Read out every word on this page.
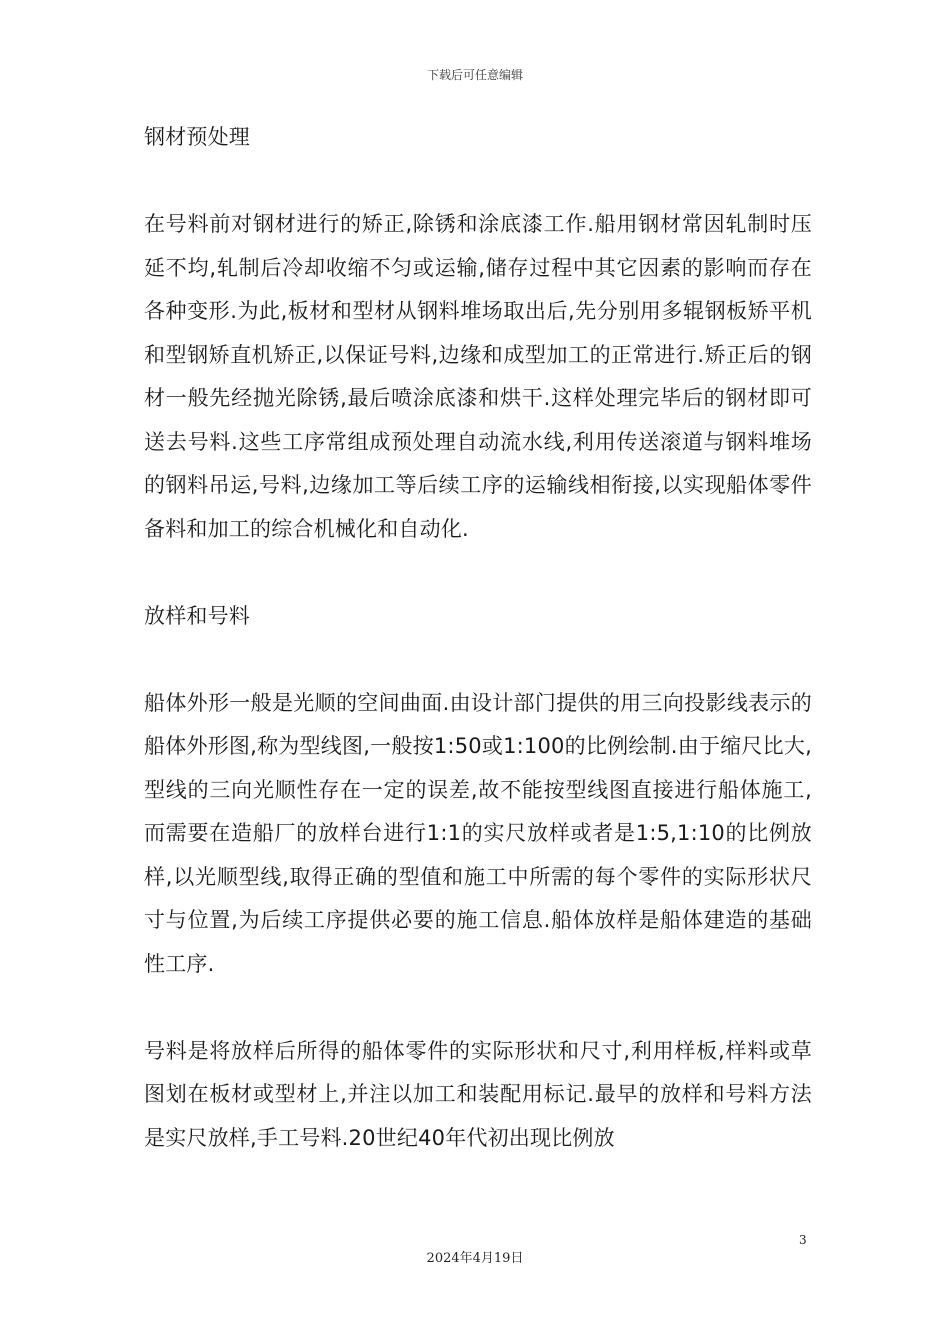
下载后可任意编辑

钢材预处理

在号料前对钢材进行的矫正,除锈和涂底漆工作.船用钢材常因轧制时压延不均,轧制后冷却收缩不匀或运输,储存过程中其它因素的影响而存在各种变形.为此,板材和型材从钢料堆场取出后,先分别用多辊钢板矫平机和型钢矫直机矫正,以保证号料,边缘和成型加工的正常进行.矫正后的钢材一般先经抛光除锈,最后喷涂底漆和烘干.这样处理完毕后的钢材即可送去号料.这些工序常组成预处理自动流水线,利用传送滚道与钢料堆场的钢料吊运,号料,边缘加工等后续工序的运输线相衔接,以实现船体零件备料和加工的综合机械化和自动化.

放样和号料

船体外形一般是光顺的空间曲面.由设计部门提供的用三向投影线表示的船体外形图,称为型线图,一般按1:50或1:100的比例绘制.由于缩尺比大,型线的三向光顺性存在一定的误差,故不能按型线图直接进行船体施工,而需要在造船厂的放样台进行1:1的实尺放样或者是1:5,1:10的比例放样,以光顺型线,取得正确的型值和施工中所需的每个零件的实际形状尺寸与位置,为后续工序提供必要的施工信息.船体放样是船体建造的基础性工序.

号料是将放样后所得的船体零件的实际形状和尺寸,利用样板,样料或草图划在板材或型材上,并注以加工和装配用标记.最早的放样和号料方法是实尺放样,手工号料.20世纪40年代初出现比例放

3
2024年4月19日
